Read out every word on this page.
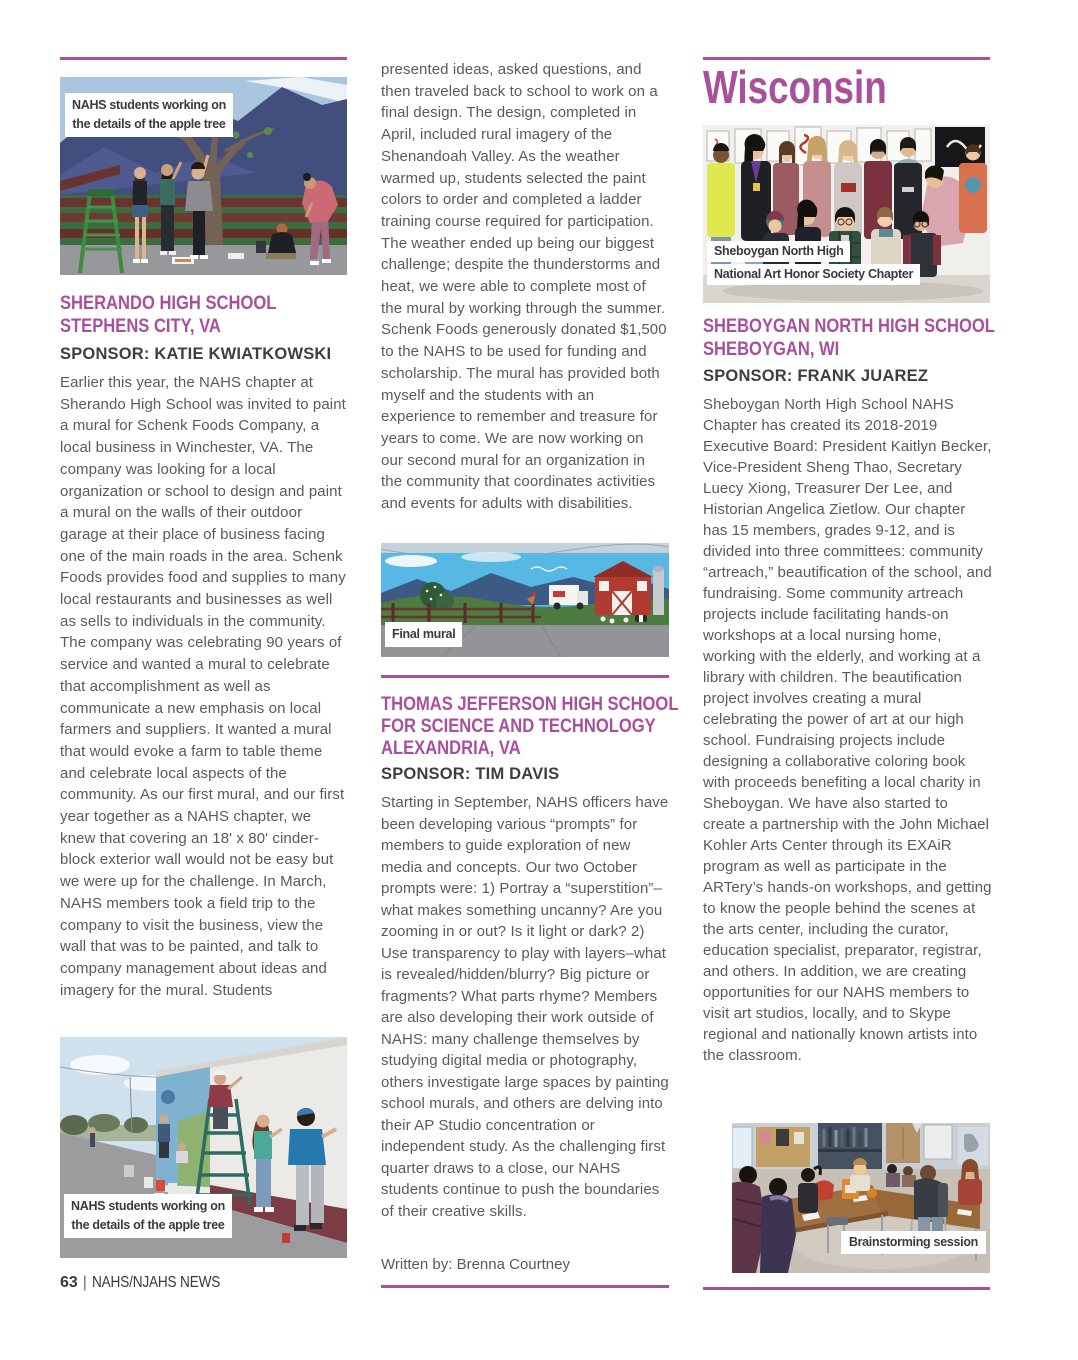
NAHS students working on
the details of the apple tree
SHERANDO HIGH SCHOOL
STEPHENS CITY, VA
SPONSOR: KATIE KWIATKOWSKI
Earlier this year, the NAHS chapter at Sherando High School was invited to paint a mural for Schenk Foods Company, a local business in Winchester, VA. The company was looking for a local organization or school to design and paint a mural on the walls of their outdoor garage at their place of business facing one of the main roads in the area. Schenk Foods provides food and supplies to many local restaurants and businesses as well as sells to individuals in the community. The company was celebrating 90 years of service and wanted a mural to celebrate that accomplishment as well as communicate a new emphasis on local farmers and suppliers. It wanted a mural that would evoke a farm to table theme and celebrate local aspects of the community. As our first mural, and our first year together as a NAHS chapter, we knew that covering an 18' x 80' cinder-block exterior wall would not be easy but we were up for the challenge. In March, NAHS members took a field trip to the company to visit the business, view the wall that was to be painted, and talk to company management about ideas and imagery for the mural. Students
NAHS students working on
the details of the apple tree
63 | NAHS/NJAHS NEWS
presented ideas, asked questions, and then traveled back to school to work on a final design. The design, completed in April, included rural imagery of the Shenandoah Valley. As the weather warmed up, students selected the paint colors to order and completed a ladder training course required for participation. The weather ended up being our biggest challenge; despite the thunderstorms and heat, we were able to complete most of the mural by working through the summer. Schenk Foods generously donated $1,500 to the NAHS to be used for funding and scholarship. The mural has provided both myself and the students with an experience to remember and treasure for years to come. We are now working on our second mural for an organization in the community that coordinates activities and events for adults with disabilities.
Final mural
THOMAS JEFFERSON HIGH SCHOOL
FOR SCIENCE AND TECHNOLOGY
ALEXANDRIA, VA
SPONSOR: TIM DAVIS
Starting in September, NAHS officers have been developing various “prompts” for members to guide exploration of new media and concepts. Our two October prompts were: 1) Portray a “superstition”–what makes something uncanny? Are you zooming in or out? Is it light or dark? 2) Use transparency to play with layers–what is revealed/hidden/blurry? Big picture or fragments? What parts rhyme? Members are also developing their work outside of NAHS: many challenge themselves by studying digital media or photography, others investigate large spaces by painting school murals, and others are delving into their AP Studio concentration or independent study. As the challenging first quarter draws to a close, our NAHS students continue to push the boundaries of their creative skills.
Written by: Brenna Courtney
Wisconsin
Sheboygan North High
National Art Honor Society Chapter
SHEBOYGAN NORTH HIGH SCHOOL
SHEBOYGAN, WI
SPONSOR: FRANK JUAREZ
Sheboygan North High School NAHS Chapter has created its 2018-2019 Executive Board: President Kaitlyn Becker, Vice-President Sheng Thao, Secretary Luecy Xiong, Treasurer Der Lee, and Historian Angelica Zietlow. Our chapter has 15 members, grades 9-12, and is divided into three committees: community “artreach,” beautification of the school, and fundraising. Some community artreach projects include facilitating hands-on workshops at a local nursing home, working with the elderly, and working at a library with children. The beautification project involves creating a mural celebrating the power of art at our high school. Fundraising projects include designing a collaborative coloring book with proceeds benefiting a local charity in Sheboygan. We have also started to create a partnership with the John Michael Kohler Arts Center through its EXAiR program as well as participate in the ARTery’s hands-on workshops, and getting to know the people behind the scenes at the arts center, including the curator, education specialist, preparator, registrar, and others. In addition, we are creating opportunities for our NAHS members to visit art studios, locally, and to Skype regional and nationally known artists into the classroom.
Brainstorming session
